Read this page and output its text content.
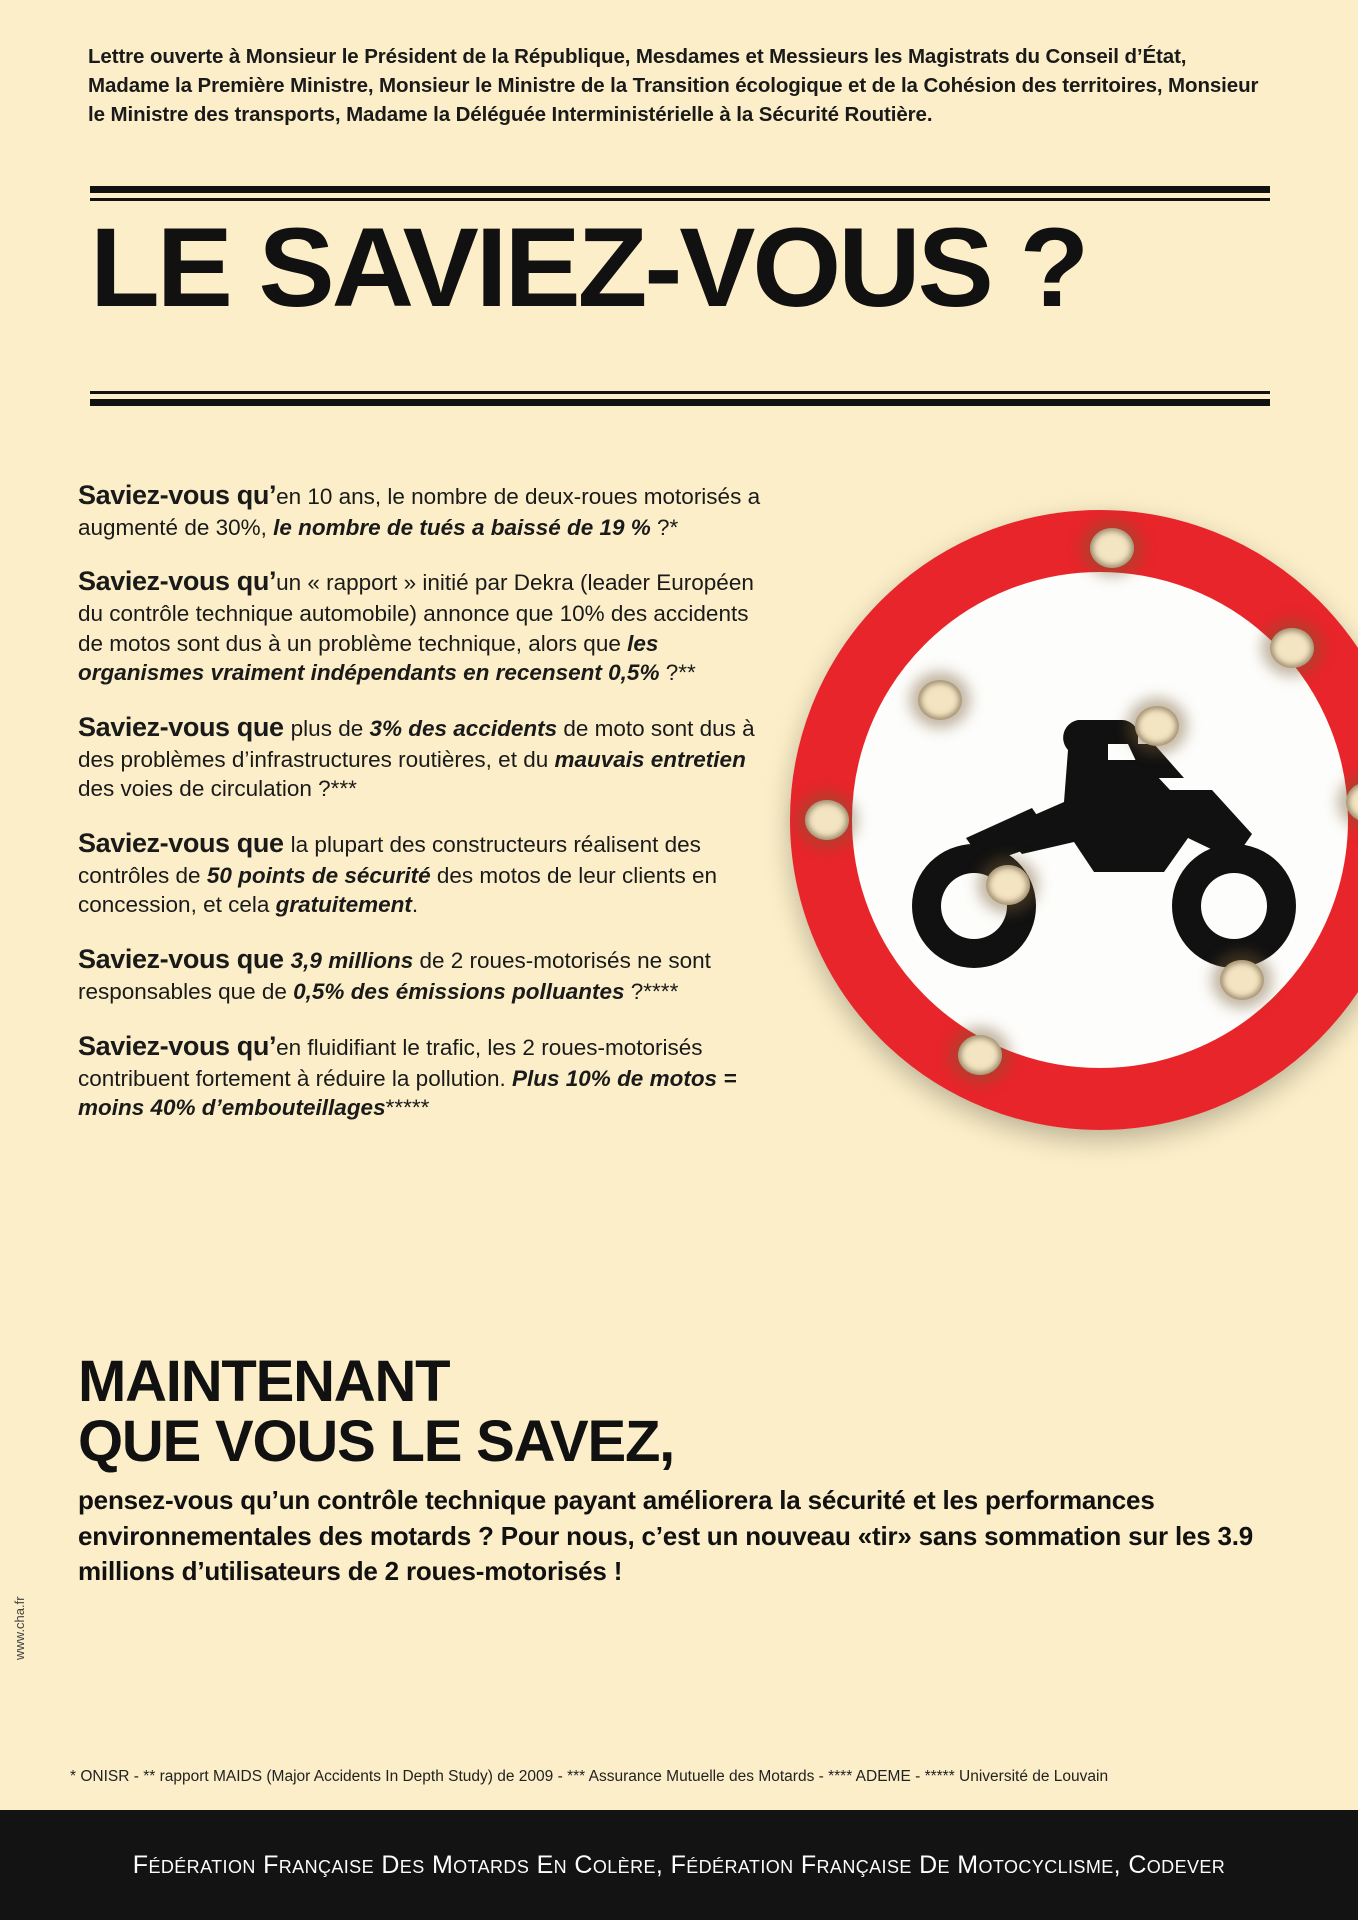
Lettre ouverte à Monsieur le Président de la République, Mesdames et Messieurs les Magistrats du Conseil d’État, Madame la Première Ministre, Monsieur le Ministre de la Transition écologique et de la Cohésion des territoires, Monsieur le Ministre des transports, Madame la Déléguée Interministérielle à la Sécurité Routière.
LE SAVIEZ-VOUS ?

Saviez-vous qu’en 10 ans, le nombre de deux-roues motorisés a augmenté de 30%, le nombre de tués a baissé de 19 % ?*

Saviez-vous qu’un « rapport » initié par Dekra (leader Européen du contrôle technique automobile) annonce que 10% des accidents de motos sont dus à un problème technique, alors que les organismes vraiment indépendants en recensent 0,5% ?**

Saviez-vous que plus de 3% des accidents de moto sont dus à des problèmes d’infrastructures routières, et du mauvais entretien des voies de circulation ?***

Saviez-vous que la plupart des constructeurs réalisent des contrôles de 50 points de sécurité des motos de leur clients en concession, et cela gratuitement.

Saviez-vous que 3,9 millions de 2 roues-motorisés ne sont responsables que de 0,5% des émissions polluantes ?****

Saviez-vous qu’en fluidifiant le trafic, les 2 roues-motorisés contribuent fortement à réduire la pollution. Plus 10% de motos = moins 40% d’embouteillages*****

MAINTENANT
QUE VOUS LE SAVEZ,
pensez-vous qu’un contrôle technique payant améliorera la sécurité et les performances environnementales des motards ? Pour nous, c’est un nouveau «tir» sans sommation sur les 3.9 millions d’utilisateurs de 2 roues-motorisés !
* ONISR - ** rapport MAIDS (Major Accidents In Depth Study) de 2009 - *** Assurance Mutuelle des Motards - **** ADEME - ***** Université de Louvain
www.cha.fr
Fédération Française Des Motards En Colère, Fédération Française De Motocyclisme, Codever
